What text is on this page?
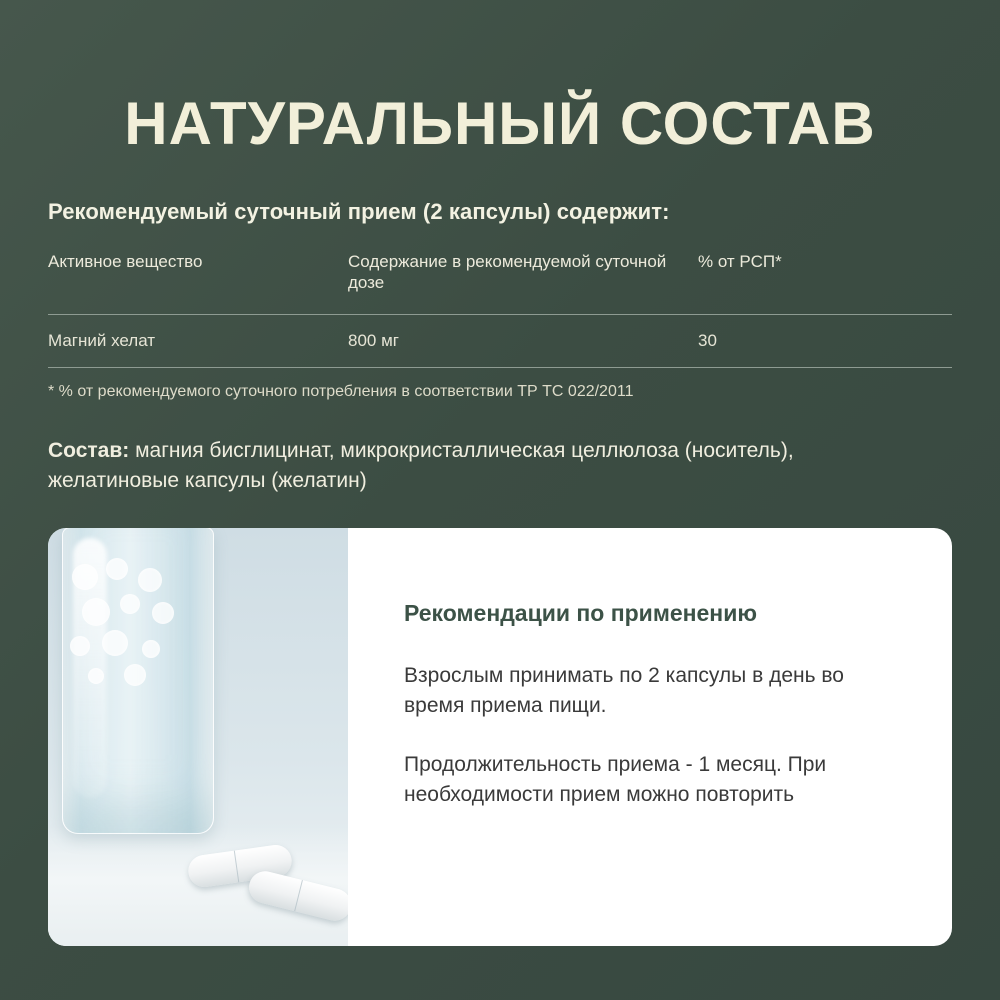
НАТУРАЛЬНЫЙ СОСТАВ
Рекомендуемый суточный прием (2 капсулы) содержит:
Активное вещество	Содержание в рекомендуемой суточной дозе	% от РСП*
Магний хелат	800 мг	30
* % от рекомендуемого суточного потребления в соответствии ТР ТС 022/2011
Состав: магния бисглицинат, микрокристаллическая целлюлоза (носитель), желатиновые капсулы (желатин)
Рекомендации по применению

Взрослым принимать по 2 капсулы в день во время приема пищи.

Продолжительность приема - 1 месяц. При необходимости прием можно повторить
